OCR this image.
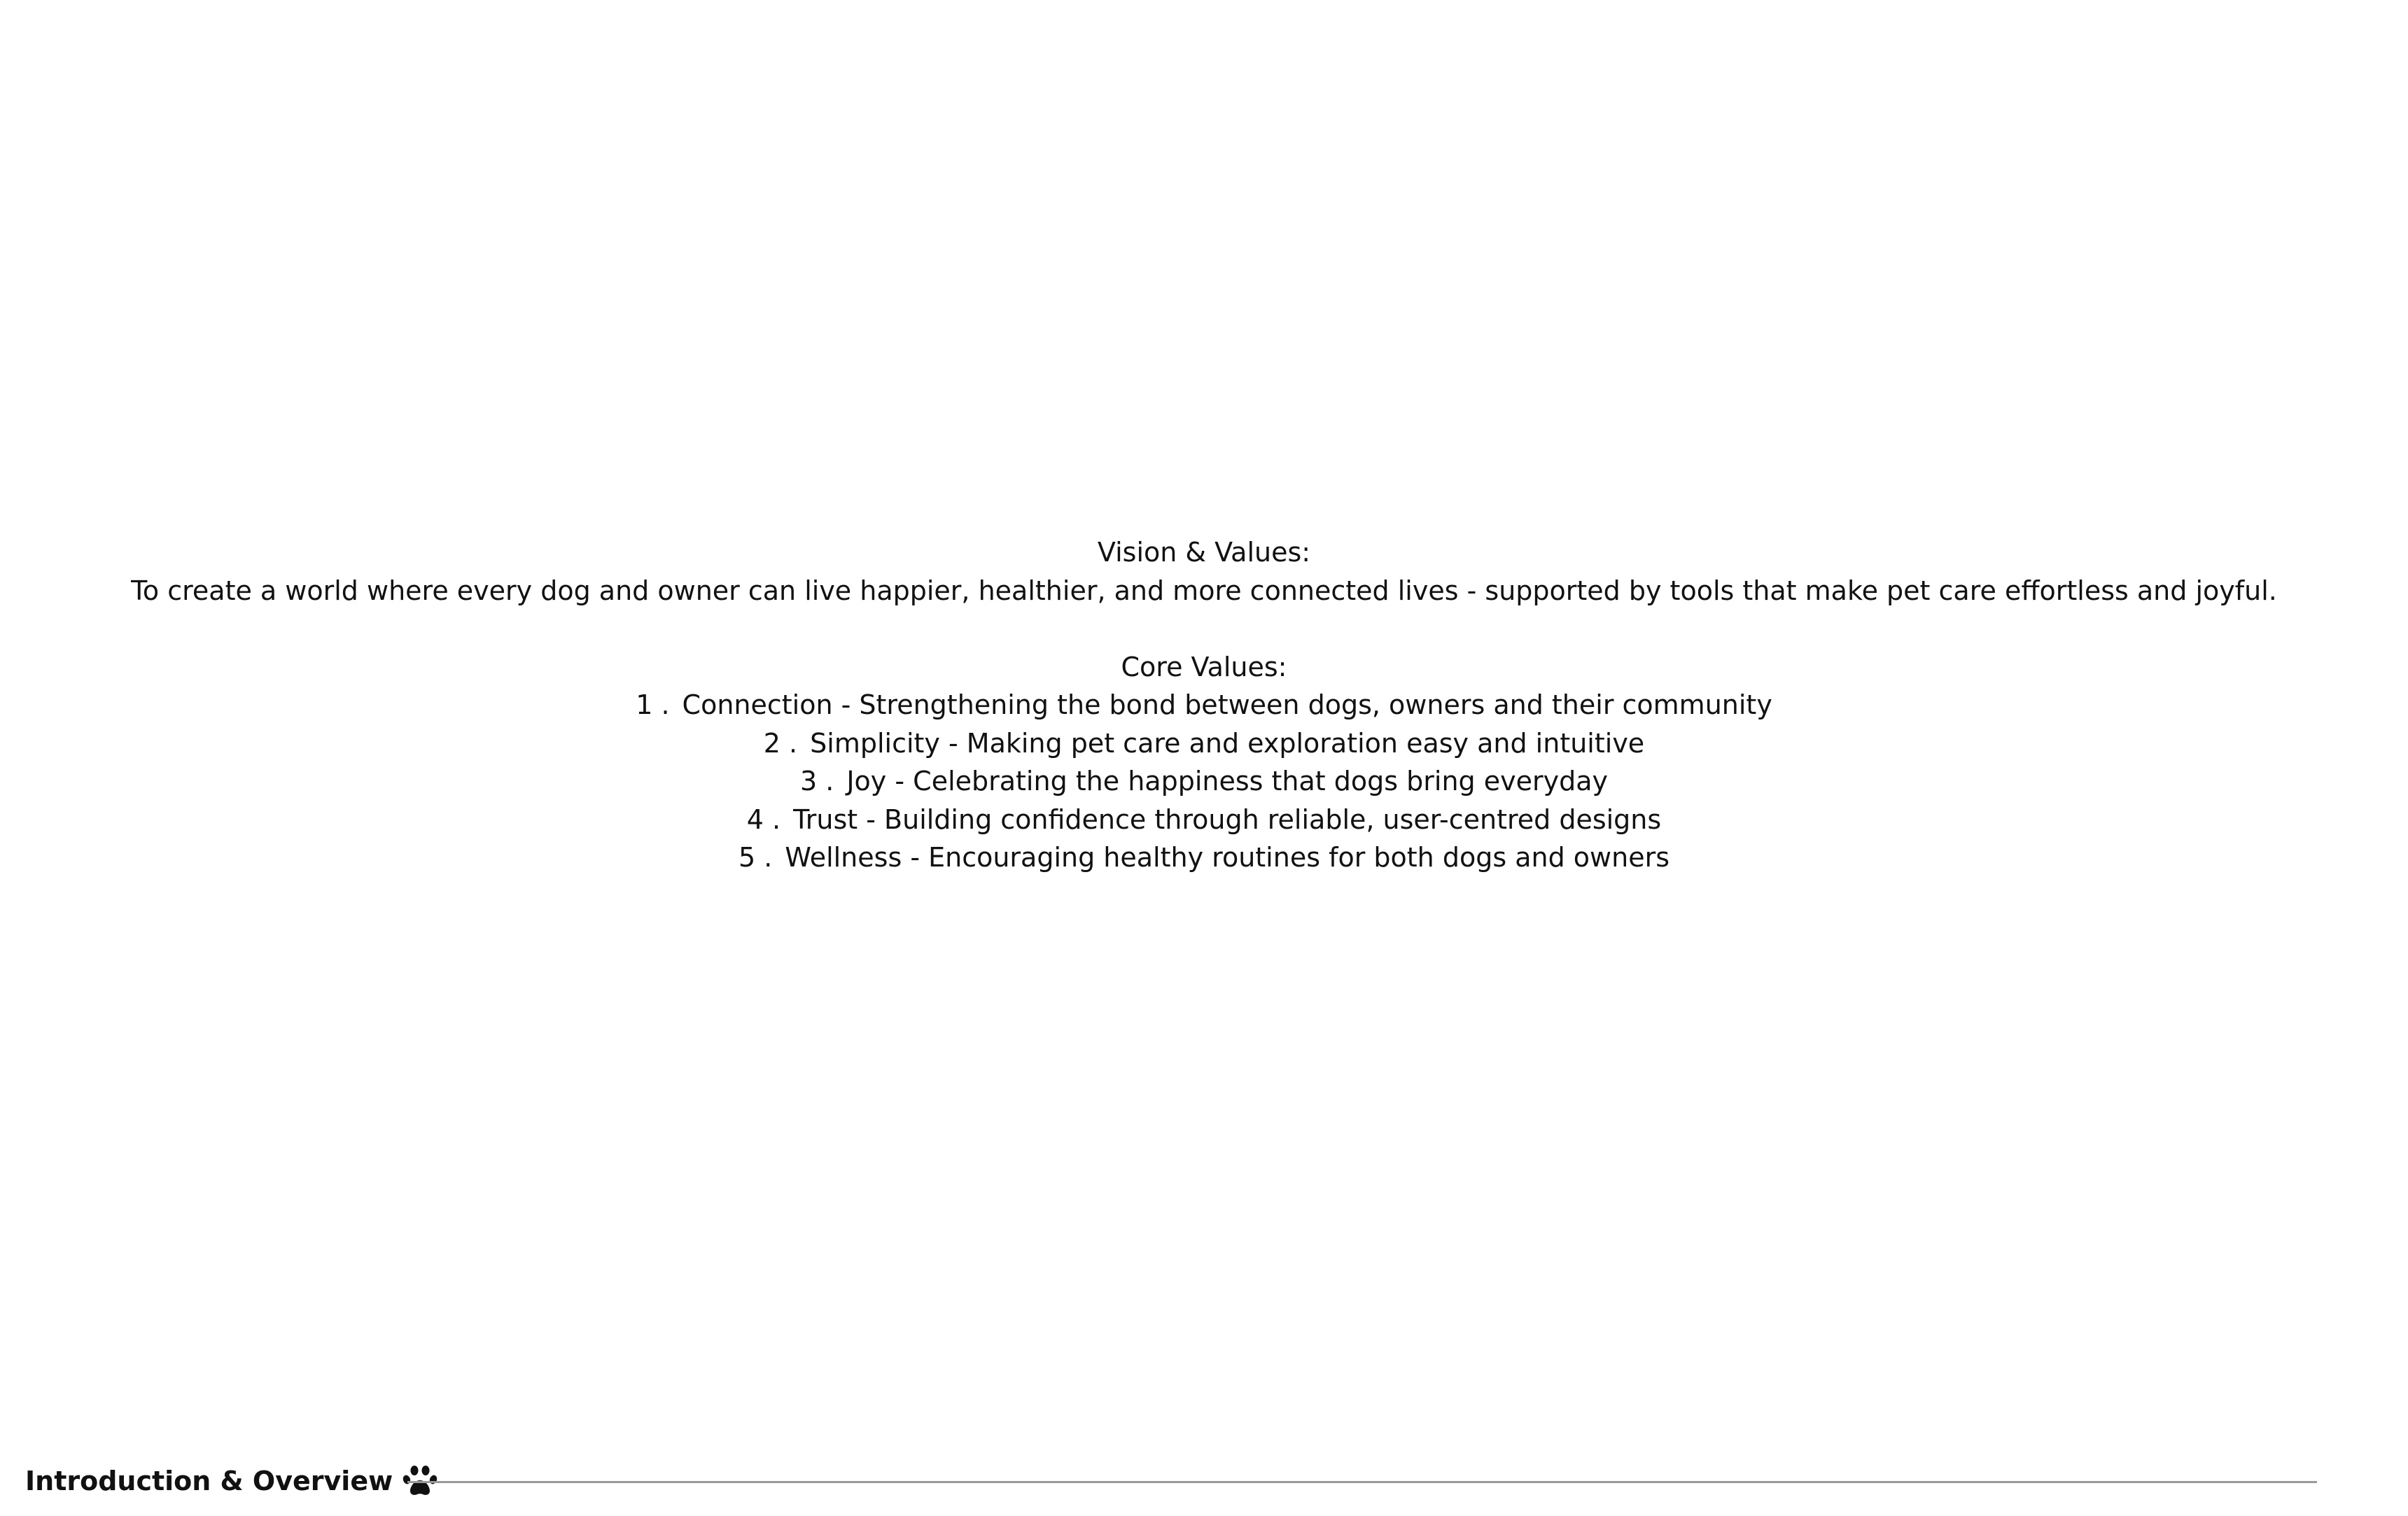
Vision & Values:
To create a world where every dog and owner can live happier, healthier, and more connected lives - supported by tools that make pet care effortless and joyful.
Core Values:
1 . Connection - Strengthening the bond between dogs, owners and their community
2 . Simplicity - Making pet care and exploration easy and intuitive
3 . Joy - Celebrating the happiness that dogs bring everyday
4 . Trust - Building confidence through reliable, user-centred designs
5 . Wellness - Encouraging healthy routines for both dogs and owners
Introduction & Overview
